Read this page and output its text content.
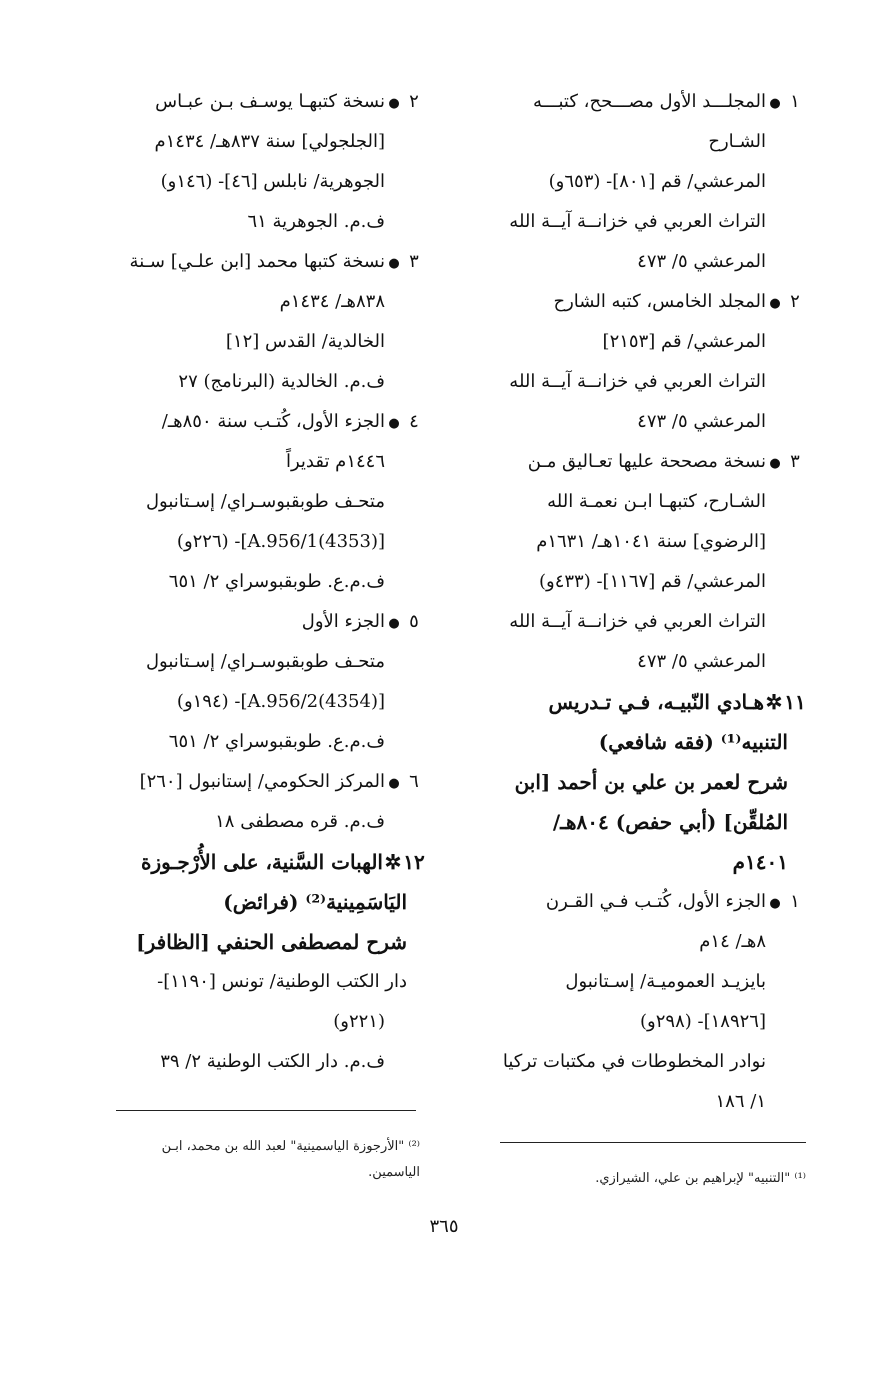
١●المجلـــد الأول مصـــحح، كتبـــه
الشـارح
المرعشي/ قم [٨٠١]- (٦٥٣و)
التراث العربي في خزانــة آيــة الله
المرعشي ٥/ ٤٧٣
٢●المجلد الخامس، كتبه الشارح
المرعشي/ قم [٢١٥٣]
التراث العربي في خزانــة آيــة الله
المرعشي ٥/ ٤٧٣
٣●نسخة مصححة عليها تعـاليق مـن
الشـارح، كتبهـا ابـن نعمـة الله
[الرضوي] سنة ١٠٤١هـ/ ١٦٣١م
المرعشي/ قم [١١٦٧]- (٤٣٣و)
التراث العربي في خزانــة آيــة الله
المرعشي ٥/ ٤٧٣
١١✲هـادي النّبيـه، فـي تـدريس
التنبيه⁽¹⁾ (فقه شافعي)
شرح لعمر بن علي بن أحمد [ابن
المُلقِّن] (أبي حفص) ٨٠٤هـ/
١٤٠١م
١●الجزء الأول، كُتـب فـي القـرن
٨هـ/ ١٤م
بايزيـد العموميـة/ إسـتانبول
[١٨٩٢٦]- (٢٩٨و)
نوادر المخطوطات في مكتبات تركيا
١/ ١٨٦
٢●نسخة كتبهـا يوسـف بـن عبـاس
[الجلجولي] سنة ٨٣٧هـ/ ١٤٣٤م
الجوهرية/ نابلس [٤٦]- (١٤٦و)
ف.م. الجوهرية ٦١
٣●نسخة كتبها محمد [ابن علـي] سـنة
٨٣٨هـ/ ١٤٣٤م
الخالدية/ القدس [١٢]
ف.م. الخالدية (البرنامج) ٢٧
٤●الجزء الأول، كُتـب سنة ٨٥٠هـ/
١٤٤٦م تقديراً
متحـف طوبقبوسـراي/ إسـتانبول
[(4353)A.956/1]- (٢٢٦و)
ف.م.ع. طوبقبوسراي ٢/ ٦٥١
٥●الجزء الأول
متحـف طوبقبوسـراي/ إسـتانبول
[(4354)A.956/2]- (١٩٤و)
ف.م.ع. طوبقبوسراي ٢/ ٦٥١
٦●المركز الحكومي/ إستانبول [٢٦٠]
ف.م. قره مصطفى ١٨
١٢✲الهبات السَّنية، على الأُرْجـوزة
اليَاسَمِينية⁽²⁾ (فرائض)
شرح لمصطفى الحنفي [الظافر]
دار الكتب الوطنية/ تونس [١١٩٠]-
(٢٢١و)
ف.م. دار الكتب الوطنية ٢/ ٣٩
⁽¹⁾ "التنبيه" لإبراهيم بن علي، الشيرازي.
⁽²⁾ "الأرجوزة الياسمينية" لعبد الله بن محمد، ابـن
الياسمين.
٣٦٥
